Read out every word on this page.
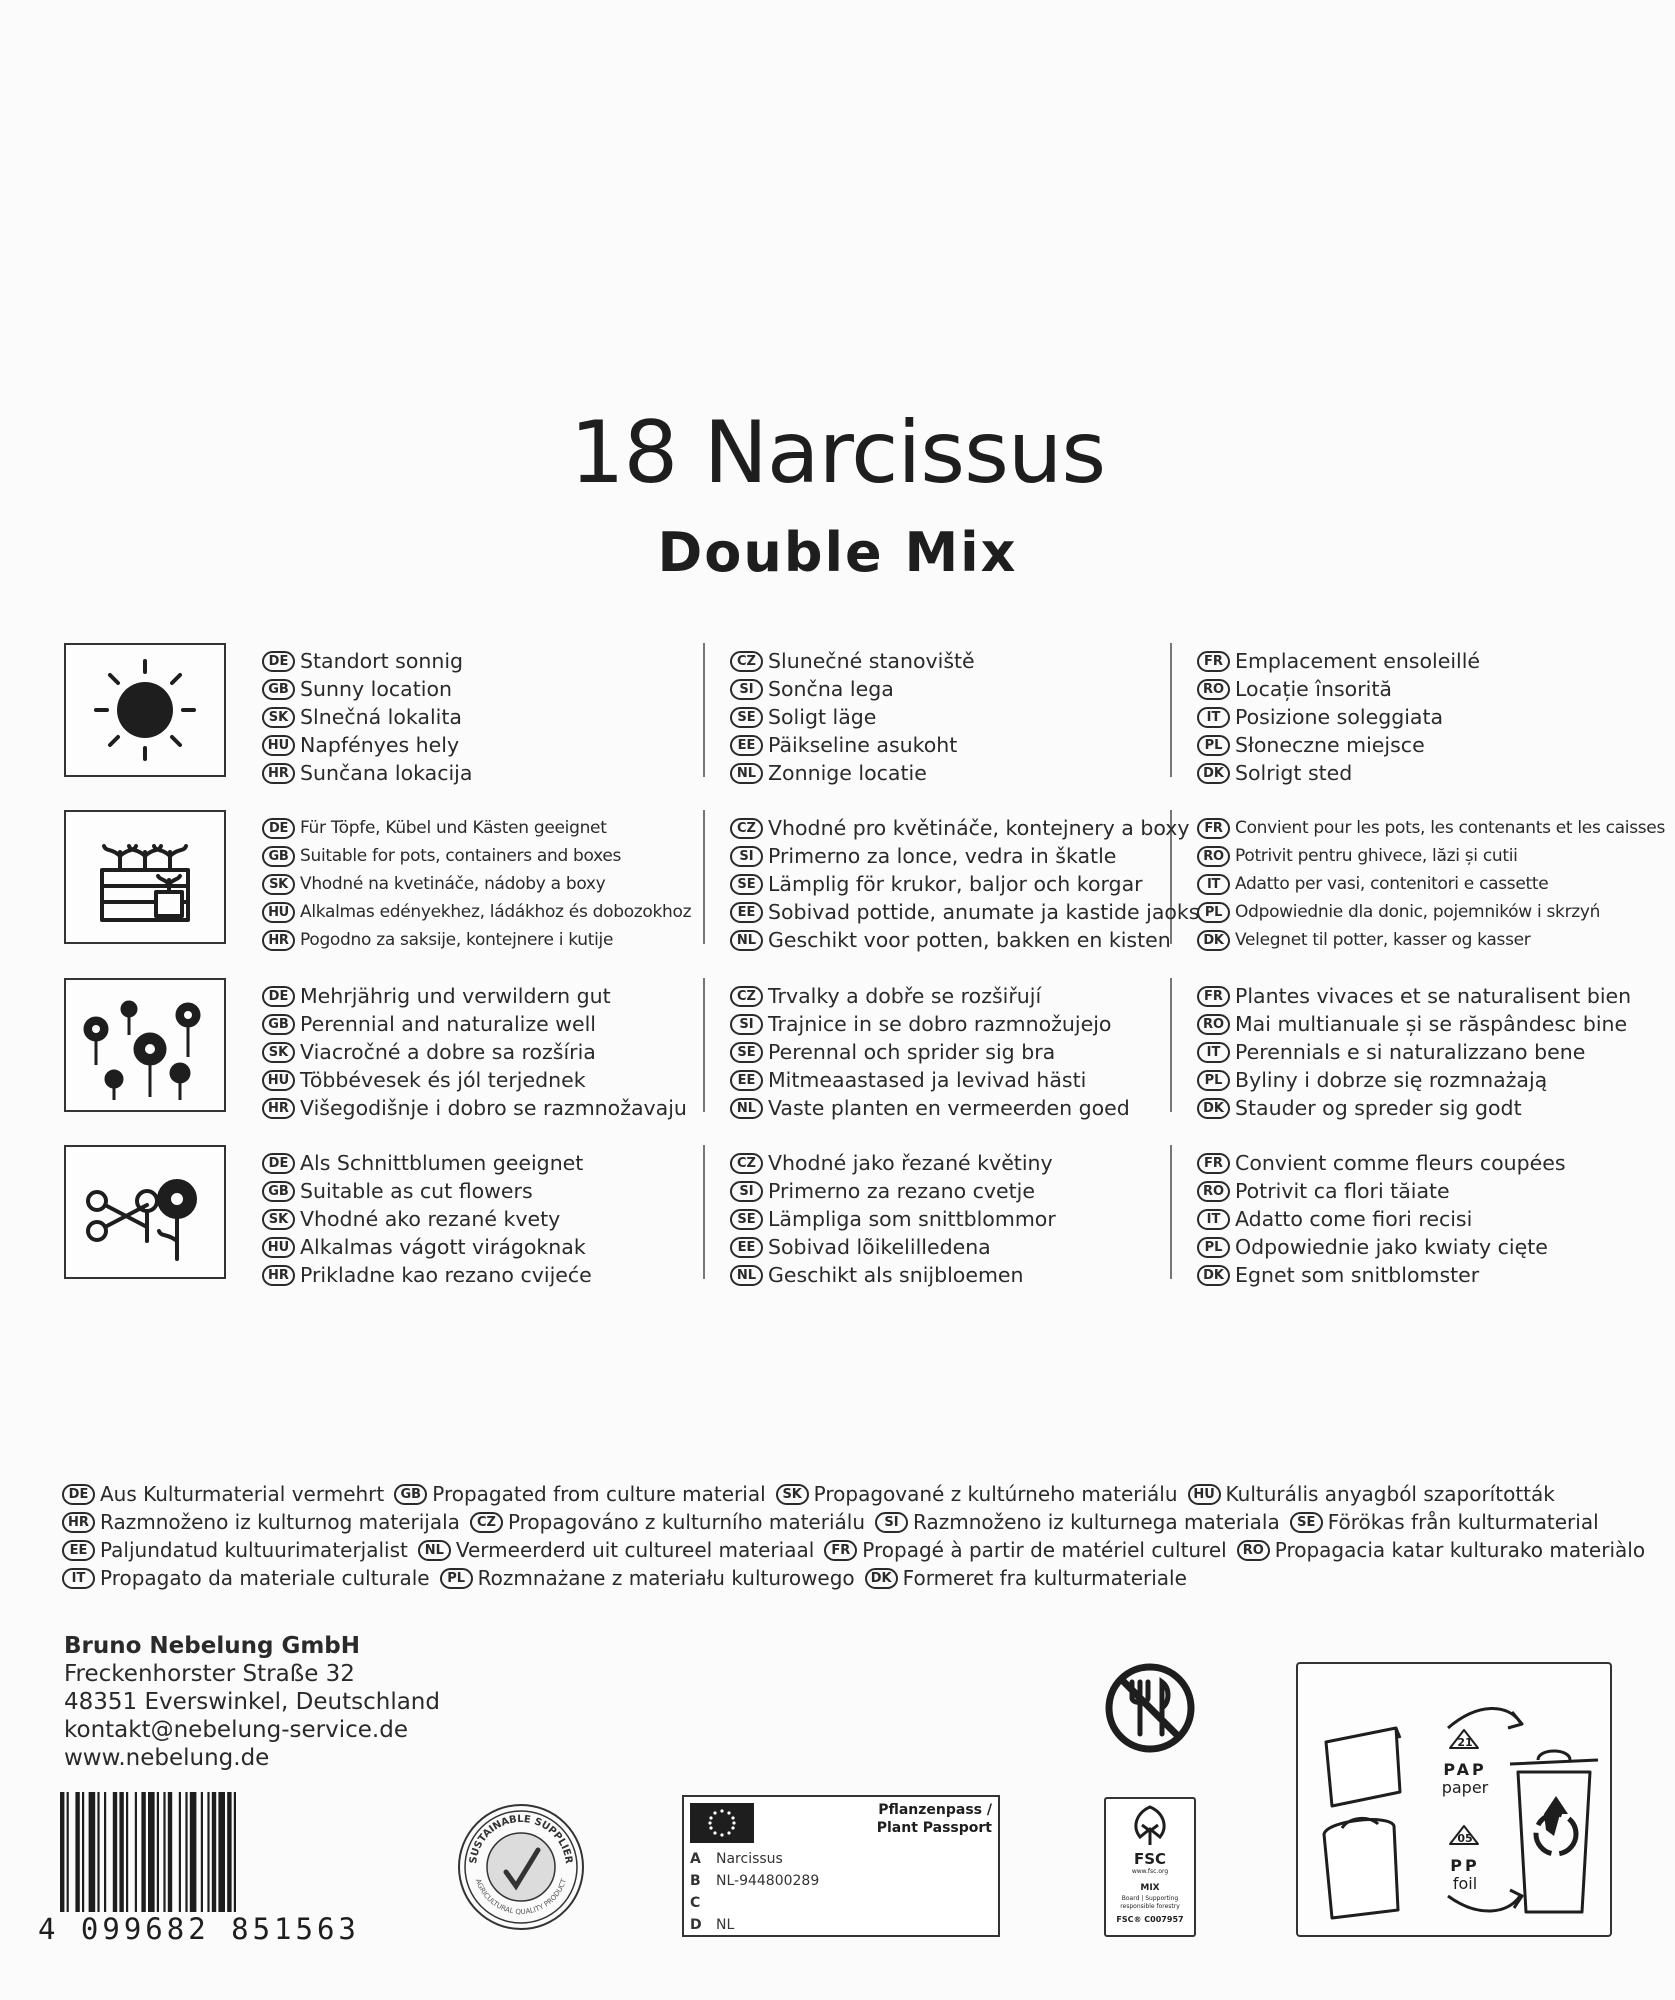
18 Narcissus
Double Mix
DE Standort sonnig
GB Sunny location
SK Slnečná lokalita
HU Napfényes hely
HR Sunčana lokacija
CZ Slunečné stanoviště
SI Sončna lega
SE Soligt läge
EE Päikseline asukoht
NL Zonnige locatie
FR Emplacement ensoleillé
RO Locație însorită
IT Posizione soleggiata
PL Słoneczne miejsce
DK Solrigt sted
DE Für Töpfe, Kübel und Kästen geeignet
GB Suitable for pots, containers and boxes
SK Vhodné na kvetináče, nádoby a boxy
HU Alkalmas edényekhez, ládákhoz és dobozokhoz
HR Pogodno za saksije, kontejnere i kutije
CZ Vhodné pro květináče, kontejnery a boxy
SI Primerno za lonce, vedra in škatle
SE Lämplig för krukor, baljor och korgar
EE Sobivad pottide, anumate ja kastide jaoks
NL Geschikt voor potten, bakken en kisten
FR Convient pour les pots, les contenants et les caisses
RO Potrivit pentru ghivece, lăzi și cutii
IT Adatto per vasi, contenitori e cassette
PL Odpowiednie dla donic, pojemników i skrzyń
DK Velegnet til potter, kasser og kasser
DE Mehrjährig und verwildern gut
GB Perennial and naturalize well
SK Viacročné a dobre sa rozšíria
HU Többévesek és jól terjednek
HR Višegodišnje i dobro se razmnožavaju
CZ Trvalky a dobře se rozšiřují
SI Trajnice in se dobro razmnožujejo
SE Perennal och sprider sig bra
EE Mitmeaastased ja levivad hästi
NL Vaste planten en vermeerden goed
FR Plantes vivaces et se naturalisent bien
RO Mai multianuale și se răspândesc bine
IT Perennials e si naturalizzano bene
PL Byliny i dobrze się rozmnażają
DK Stauder og spreder sig godt
DE Als Schnittblumen geeignet
GB Suitable as cut flowers
SK Vhodné ako rezané kvety
HU Alkalmas vágott virágoknak
HR Prikladne kao rezano cvijeće
CZ Vhodné jako řezané květiny
SI Primerno za rezano cvetje
SE Lämpliga som snittblommor
EE Sobivad lõikelilledena
NL Geschikt als snijbloemen
FR Convient comme fleurs coupées
RO Potrivit ca flori tăiate
IT Adatto come fiori recisi
PL Odpowiednie jako kwiaty cięte
DK Egnet som snitblomster
DE Aus Kulturmaterial vermehrt	GB Propagated from culture material	SK Propagované z kultúrneho materiálu	HU Kulturális anyagból szaporították
HR Razmnoženo iz kulturnog materijala	CZ Propagováno z kulturního materiálu	SI Razmnoženo iz kulturnega materiala	SE Förökas från kulturmaterial
EE Paljundatud kultuurimaterjalist	NL Vermeerderd uit cultureel materiaal	FR Propagé à partir de matériel culturel	RO Propagacia katar kulturako materiàlo
IT Propagato da materiale culturale	PL Rozmnażane z materiału kulturowego	DK Formeret fra kulturmateriale
Bruno Nebelung GmbH
Freckenhorster Straße 32
48351 Everswinkel, Deutschland
kontakt@nebelung-service.de
www.nebelung.de
4 099682 851563
SUSTAINABLE SUPPLIER
AGRICULTURAL QUALITY PRODUCT
Pflanzenpass /
Plant Passport
A Narcissus
B NL-944800289
C
D NL
FSC
www.fsc.org
MIX
Board | Supporting
responsible forestry
FSC® C007957
21
PAP
paper
05
PP
foil
